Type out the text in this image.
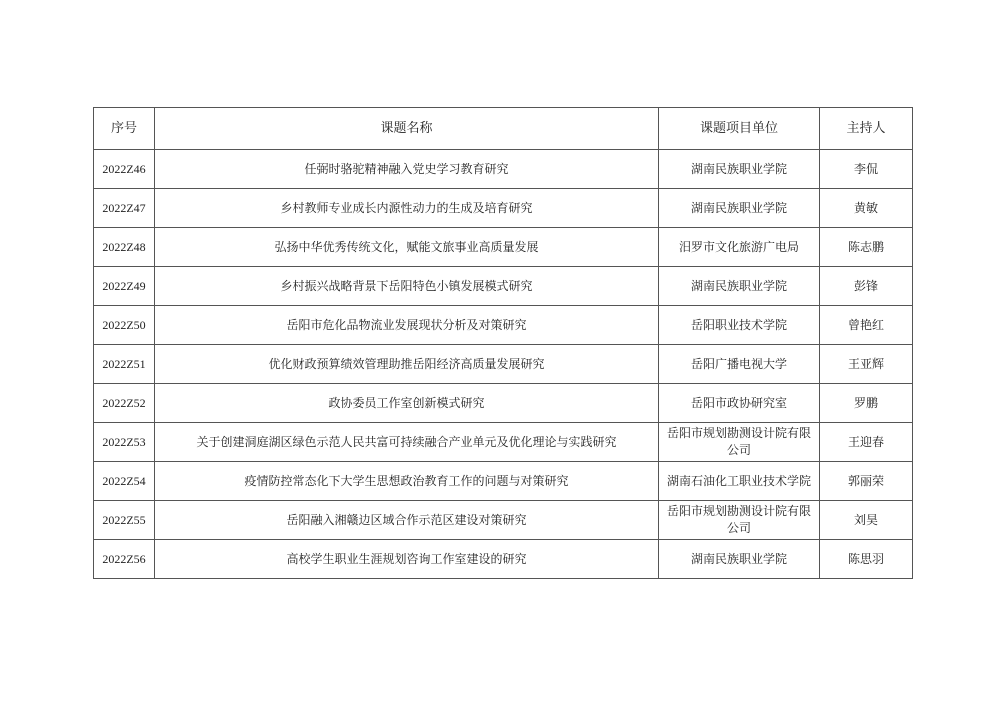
序号	课题名称	课题项目单位	主持人
2022Z46	任弼时骆驼精神融入党史学习教育研究	湖南民族职业学院	李侃
2022Z47	乡村教师专业成长内源性动力的生成及培育研究	湖南民族职业学院	黄敏
2022Z48	弘扬中华优秀传统文化，赋能文旅事业高质量发展	汨罗市文化旅游广电局	陈志鹏
2022Z49	乡村振兴战略背景下岳阳特色小镇发展模式研究	湖南民族职业学院	彭锋
2022Z50	岳阳市危化品物流业发展现状分析及对策研究	岳阳职业技术学院	曾艳红
2022Z51	优化财政预算绩效管理助推岳阳经济高质量发展研究	岳阳广播电视大学	王亚辉
2022Z52	政协委员工作室创新模式研究	岳阳市政协研究室	罗鹏
2022Z53	关于创建洞庭湖区绿色示范人民共富可持续融合产业单元及优化理论与实践研究	岳阳市规划勘测设计院有限公司	王迎春
2022Z54	疫情防控常态化下大学生思想政治教育工作的问题与对策研究	湖南石油化工职业技术学院	郭丽荣
2022Z55	岳阳融入湘赣边区域合作示范区建设对策研究	岳阳市规划勘测设计院有限公司	刘昊
2022Z56	高校学生职业生涯规划咨询工作室建设的研究	湖南民族职业学院	陈思羽
